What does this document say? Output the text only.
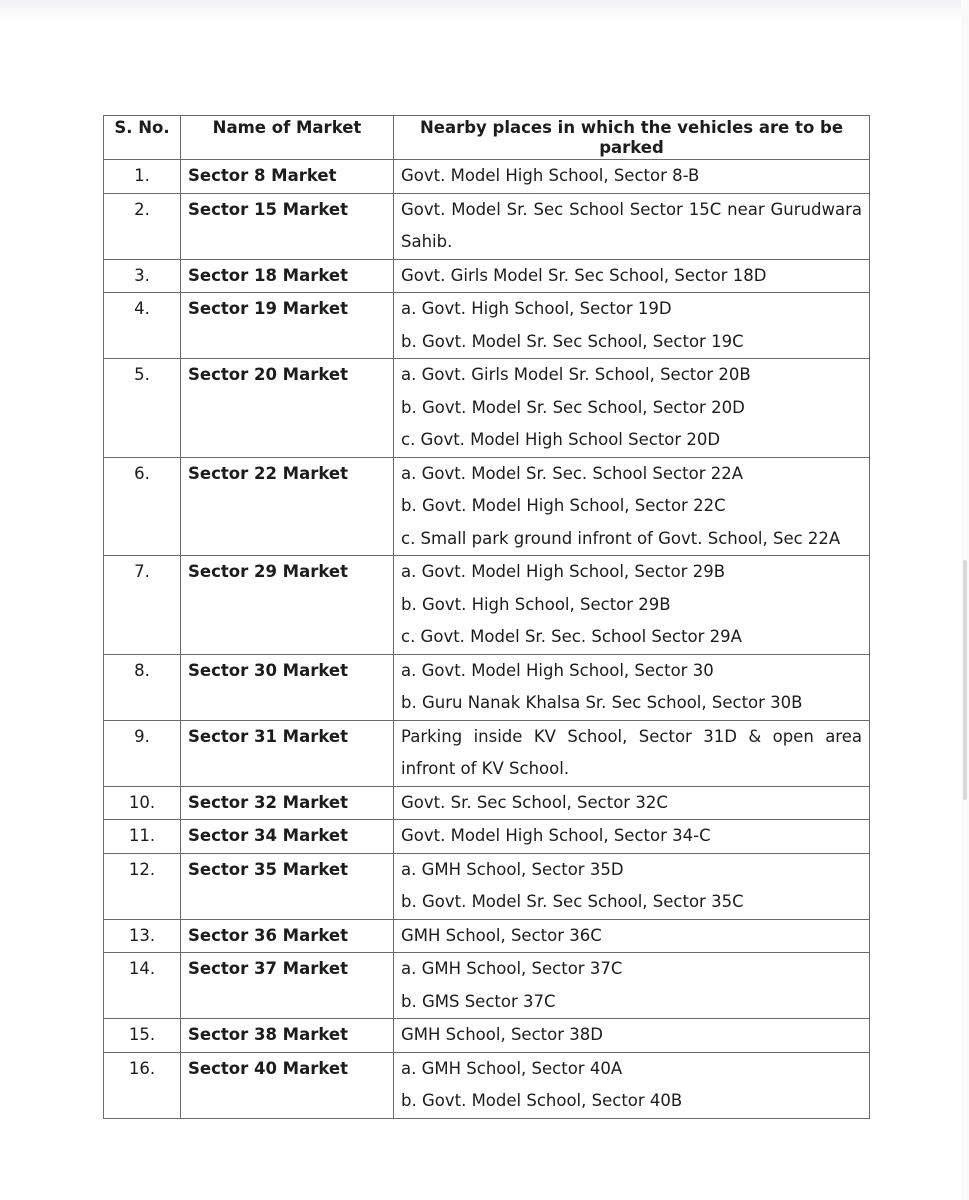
S. No.	Name of Market	Nearby places in which the vehicles are to be parked
1.	Sector 8 Market	Govt. Model High School, Sector 8-B

2.	Sector 15 Market	Govt. Model Sr. Sec School Sector 15C near Gurudwara Sahib.

3.	Sector 18 Market	Govt. Girls Model Sr. Sec School, Sector 18D

4.	Sector 19 Market	a. Govt. High School, Sector 19D
b. Govt. Model Sr. Sec School, Sector 19C

5.	Sector 20 Market	a. Govt. Girls Model Sr. School, Sector 20B
b. Govt. Model Sr. Sec School, Sector 20D
c. Govt. Model High School Sector 20D

6.	Sector 22 Market	a. Govt. Model Sr. Sec. School Sector 22A
b. Govt. Model High School, Sector 22C
c. Small park ground infront of Govt. School, Sec 22A

7.	Sector 29 Market	a. Govt. Model High School, Sector 29B
b. Govt. High School, Sector 29B
c. Govt. Model Sr. Sec. School Sector 29A

8.	Sector 30 Market	a. Govt. Model High School, Sector 30
b. Guru Nanak Khalsa Sr. Sec School, Sector 30B

9.	Sector 31 Market	Parking inside KV School, Sector 31D & open area infront of KV School.

10.	Sector 32 Market	Govt. Sr. Sec School, Sector 32C

11.	Sector 34 Market	Govt. Model High School, Sector 34-C

12.	Sector 35 Market	a. GMH School, Sector 35D
b. Govt. Model Sr. Sec School, Sector 35C

13.	Sector 36 Market	GMH School, Sector 36C

14.	Sector 37 Market	a. GMH School, Sector 37C
b. GMS Sector 37C

15.	Sector 38 Market	GMH School, Sector 38D

16.	Sector 40 Market	a. GMH School, Sector 40A
b. Govt. Model School, Sector 40B
